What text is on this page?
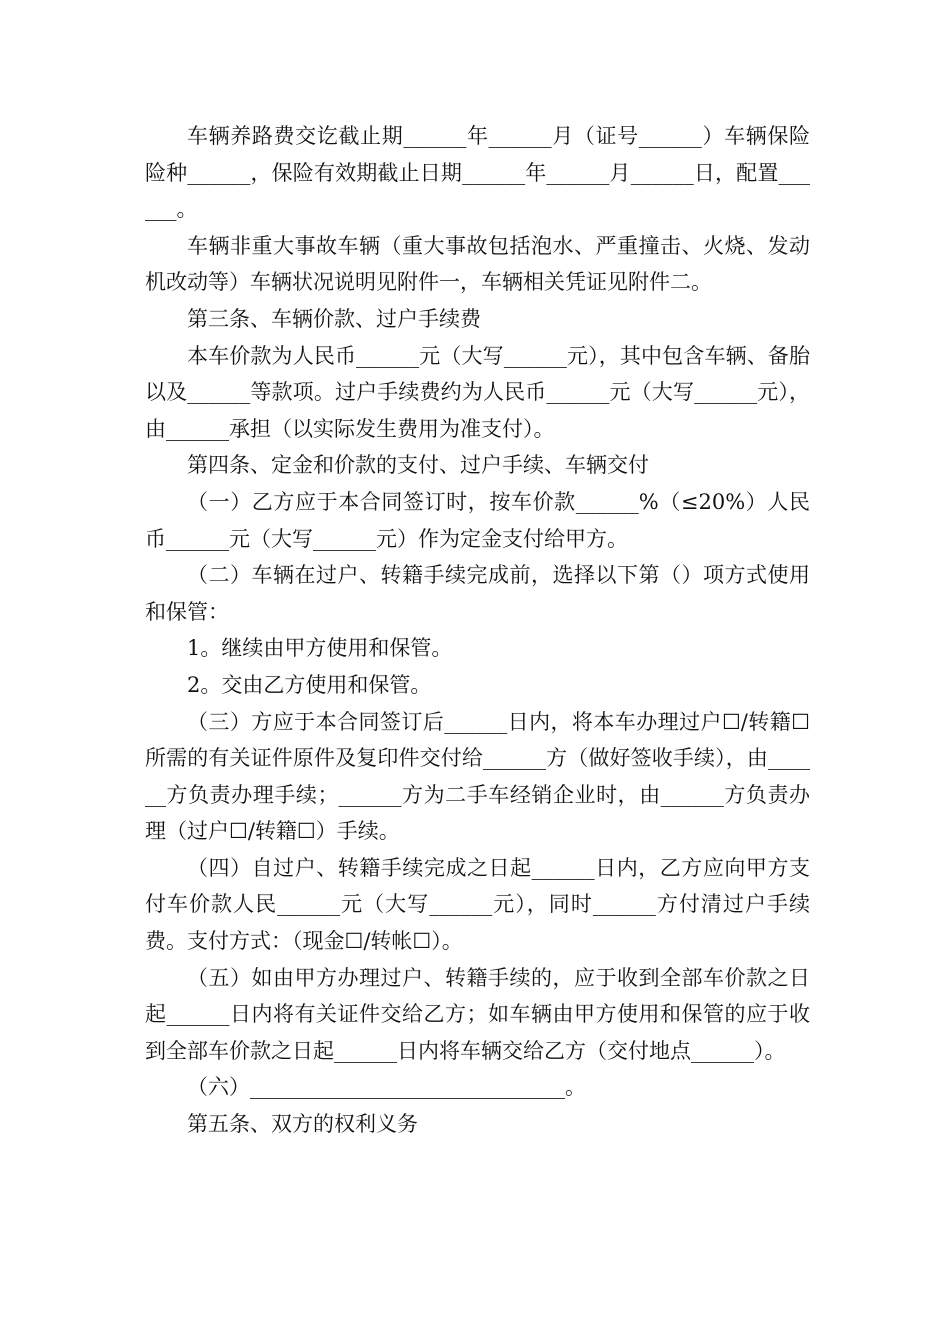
车辆养路费交讫截止期______年______月（证号______）车辆保险险种______，保险有效期截止日期______年______月______日，配置______。

车辆非重大事故车辆（重大事故包括泡水、严重撞击、火烧、发动机改动等）车辆状况说明见附件一，车辆相关凭证见附件二。

第三条、车辆价款、过户手续费

本车价款为人民币______元（大写______元），其中包含车辆、备胎以及______等款项。过户手续费约为人民币______元（大写______元），由______承担（以实际发生费用为准支付）。

第四条、定金和价款的支付、过户手续、车辆交付

（一）乙方应于本合同签订时，按车价款______%（≤20%）人民币______元（大写______元）作为定金支付给甲方。

（二）车辆在过户、转籍手续完成前，选择以下第（）项方式使用和保管：

1。继续由甲方使用和保管。

2。交由乙方使用和保管。

（三）方应于本合同签订后______日内，将本车办理过户☐/转籍☐所需的有关证件原件及复印件交付给______方（做好签收手续），由______方负责办理手续；______方为二手车经销企业时，由______方负责办理（过户☐/转籍☐）手续。

（四）自过户、转籍手续完成之日起______日内，乙方应向甲方支付车价款人民______元（大写______元），同时______方付清过户手续费。支付方式：（现金☐/转帐☐）。

（五）如由甲方办理过户、转籍手续的，应于收到全部车价款之日起______日内将有关证件交给乙方；如车辆由甲方使用和保管的应于收到全部车价款之日起______日内将车辆交给乙方（交付地点______）。

（六）______________________________。

第五条、双方的权利义务
